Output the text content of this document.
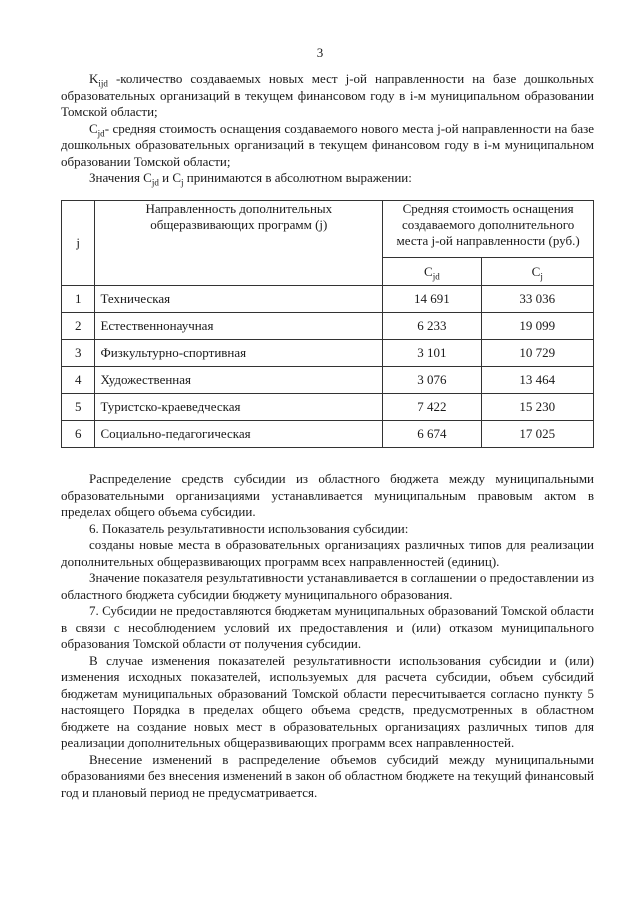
3

$K_{ijd}$ -количество создаваемых новых мест j-ой направленности на базе дошкольных образовательных организаций в текущем финансовом году в i-м муниципальном образовании Томской области;

$C_{jd}-$ средняя стоимость оснащения создаваемого нового места j-ой направленности на базе дошкольных образовательных организаций в текущем финансовом году в i-м муниципальном образовании Томской области;

Значения $C_{jd}$ и $C_j$ принимаются в абсолютном выражении:

j	Направленность дополнительных общеразвивающих программ (j)	Средняя стоимость оснащения создаваемого дополнительного места j-ой направленности (руб.)	
		$C_{jd}$	$C_j$
1	Техническая	14 691	33 036
2	Естественнонаучная	6 233	19 099
3	Физкультурно-спортивная	3 101	10 729
4	Художественная	3 076	13 464
5	Туристско-краеведческая	7 422	15 230
6	Социально-педагогическая	6 674	17 025

Распределение средств субсидии из областного бюджета между муниципальными образовательными организациями устанавливается муниципальным правовым актом в пределах общего объема субсидии.

6. Показатель результативности использования субсидии:

созданы новые места в образовательных организациях различных типов для реализации дополнительных общеразвивающих программ всех направленностей (единиц).

Значение показателя результативности устанавливается в соглашении о предоставлении из областного бюджета субсидии бюджету муниципального образования.

7. Субсидии не предоставляются бюджетам муниципальных образований Томской области в связи с несоблюдением условий их предоставления и (или) отказом муниципального образования Томской области от получения субсидии.

В случае изменения показателей результативности использования субсидии и (или) изменения исходных показателей, используемых для расчета субсидии, объем субсидий бюджетам муниципальных образований Томской области пересчитывается согласно пункту 5 настоящего Порядка в пределах общего объема средств, предусмотренных в областном бюджете на создание новых мест в образовательных организациях различных типов для реализации дополнительных общеразвивающих программ всех направленностей.

Внесение изменений в распределение объемов субсидий между муниципальными образованиями без внесения изменений в закон об областном бюджете на текущий финансовый год и плановый период не предусматривается.
